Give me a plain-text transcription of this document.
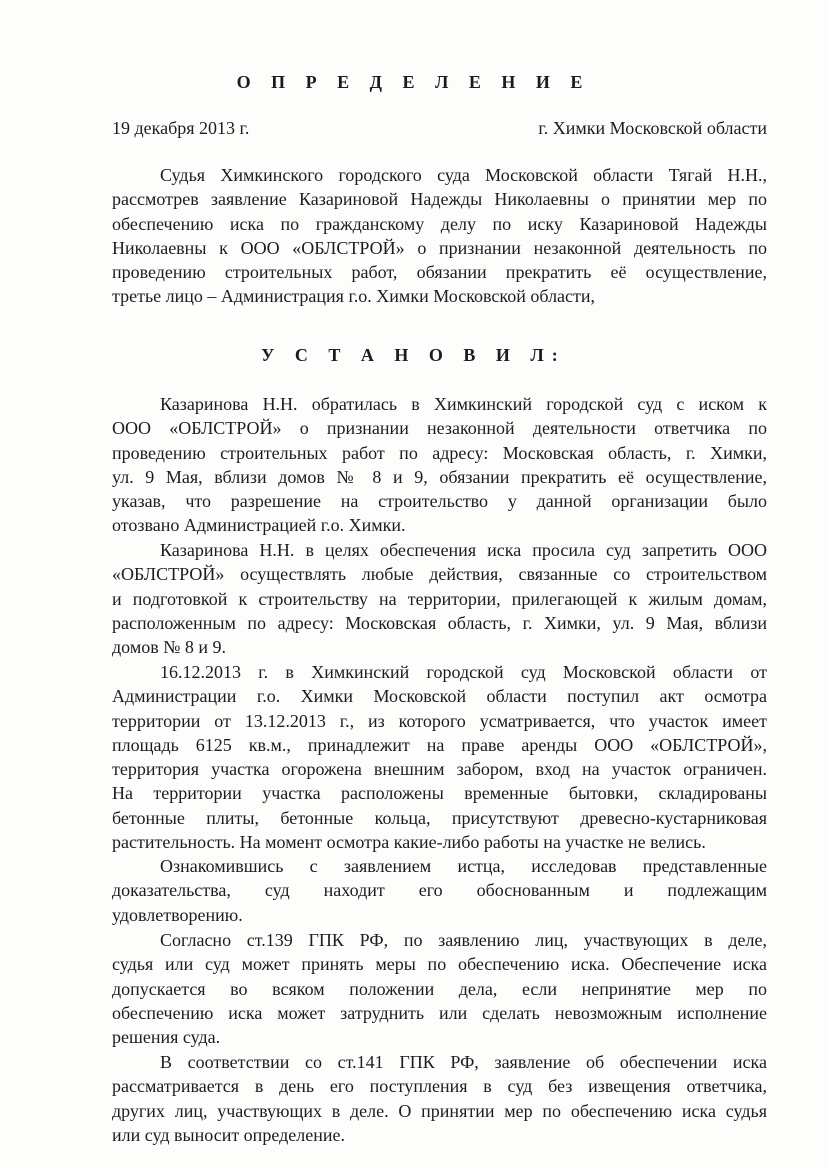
О П Р Е Д Е Л Е Н И Е
19 декабря 2013 г.	г. Химки Московской области
Судья Химкинского городского суда Московской области Тягай Н.Н.,
рассмотрев заявление Казариновой Надежды Николаевны о принятии мер по
обеспечению иска по гражданскому делу по иску Казариновой Надежды
Николаевны к ООО «ОБЛСТРОЙ» о признании незаконной деятельность по
проведению строительных работ, обязании прекратить её осуществление,
третье лицо – Администрация г.о. Химки Московской области,
У С Т А Н О В И Л:
Казаринова Н.Н. обратилась в Химкинский городской суд с иском к
ООО «ОБЛСТРОЙ» о признании незаконной деятельности ответчика по
проведению строительных работ по адресу: Московская область, г. Химки,
ул. 9 Мая, вблизи домов № 8 и 9, обязании прекратить её осуществление,
указав, что разрешение на строительство у данной организации было
отозвано Администрацией г.о. Химки.
Казаринова Н.Н. в целях обеспечения иска просила суд запретить ООО
«ОБЛСТРОЙ» осуществлять любые действия, связанные со строительством
и подготовкой к строительству на территории, прилегающей к жилым домам,
расположенным по адресу: Московская область, г. Химки, ул. 9 Мая, вблизи
домов № 8 и 9.
16.12.2013 г. в Химкинский городской суд Московской области от
Администрации г.о. Химки Московской области поступил акт осмотра
территории от 13.12.2013 г., из которого усматривается, что участок имеет
площадь 6125 кв.м., принадлежит на праве аренды ООО «ОБЛСТРОЙ»,
территория участка огорожена внешним забором, вход на участок ограничен.
На территории участка расположены временные бытовки, складированы
бетонные плиты, бетонные кольца, присутствуют древесно-кустарниковая
растительность. На момент осмотра какие-либо работы на участке не велись.
Ознакомившись с заявлением истца, исследовав представленные
доказательства, суд находит его обоснованным и подлежащим
удовлетворению.
Согласно ст.139 ГПК РФ, по заявлению лиц, участвующих в деле,
судья или суд может принять меры по обеспечению иска. Обеспечение иска
допускается во всяком положении дела, если непринятие мер по
обеспечению иска может затруднить или сделать невозможным исполнение
решения суда.
В соответствии со ст.141 ГПК РФ, заявление об обеспечении иска
рассматривается в день его поступления в суд без извещения ответчика,
других лиц, участвующих в деле. О принятии мер по обеспечению иска судья
или суд выносит определение.
